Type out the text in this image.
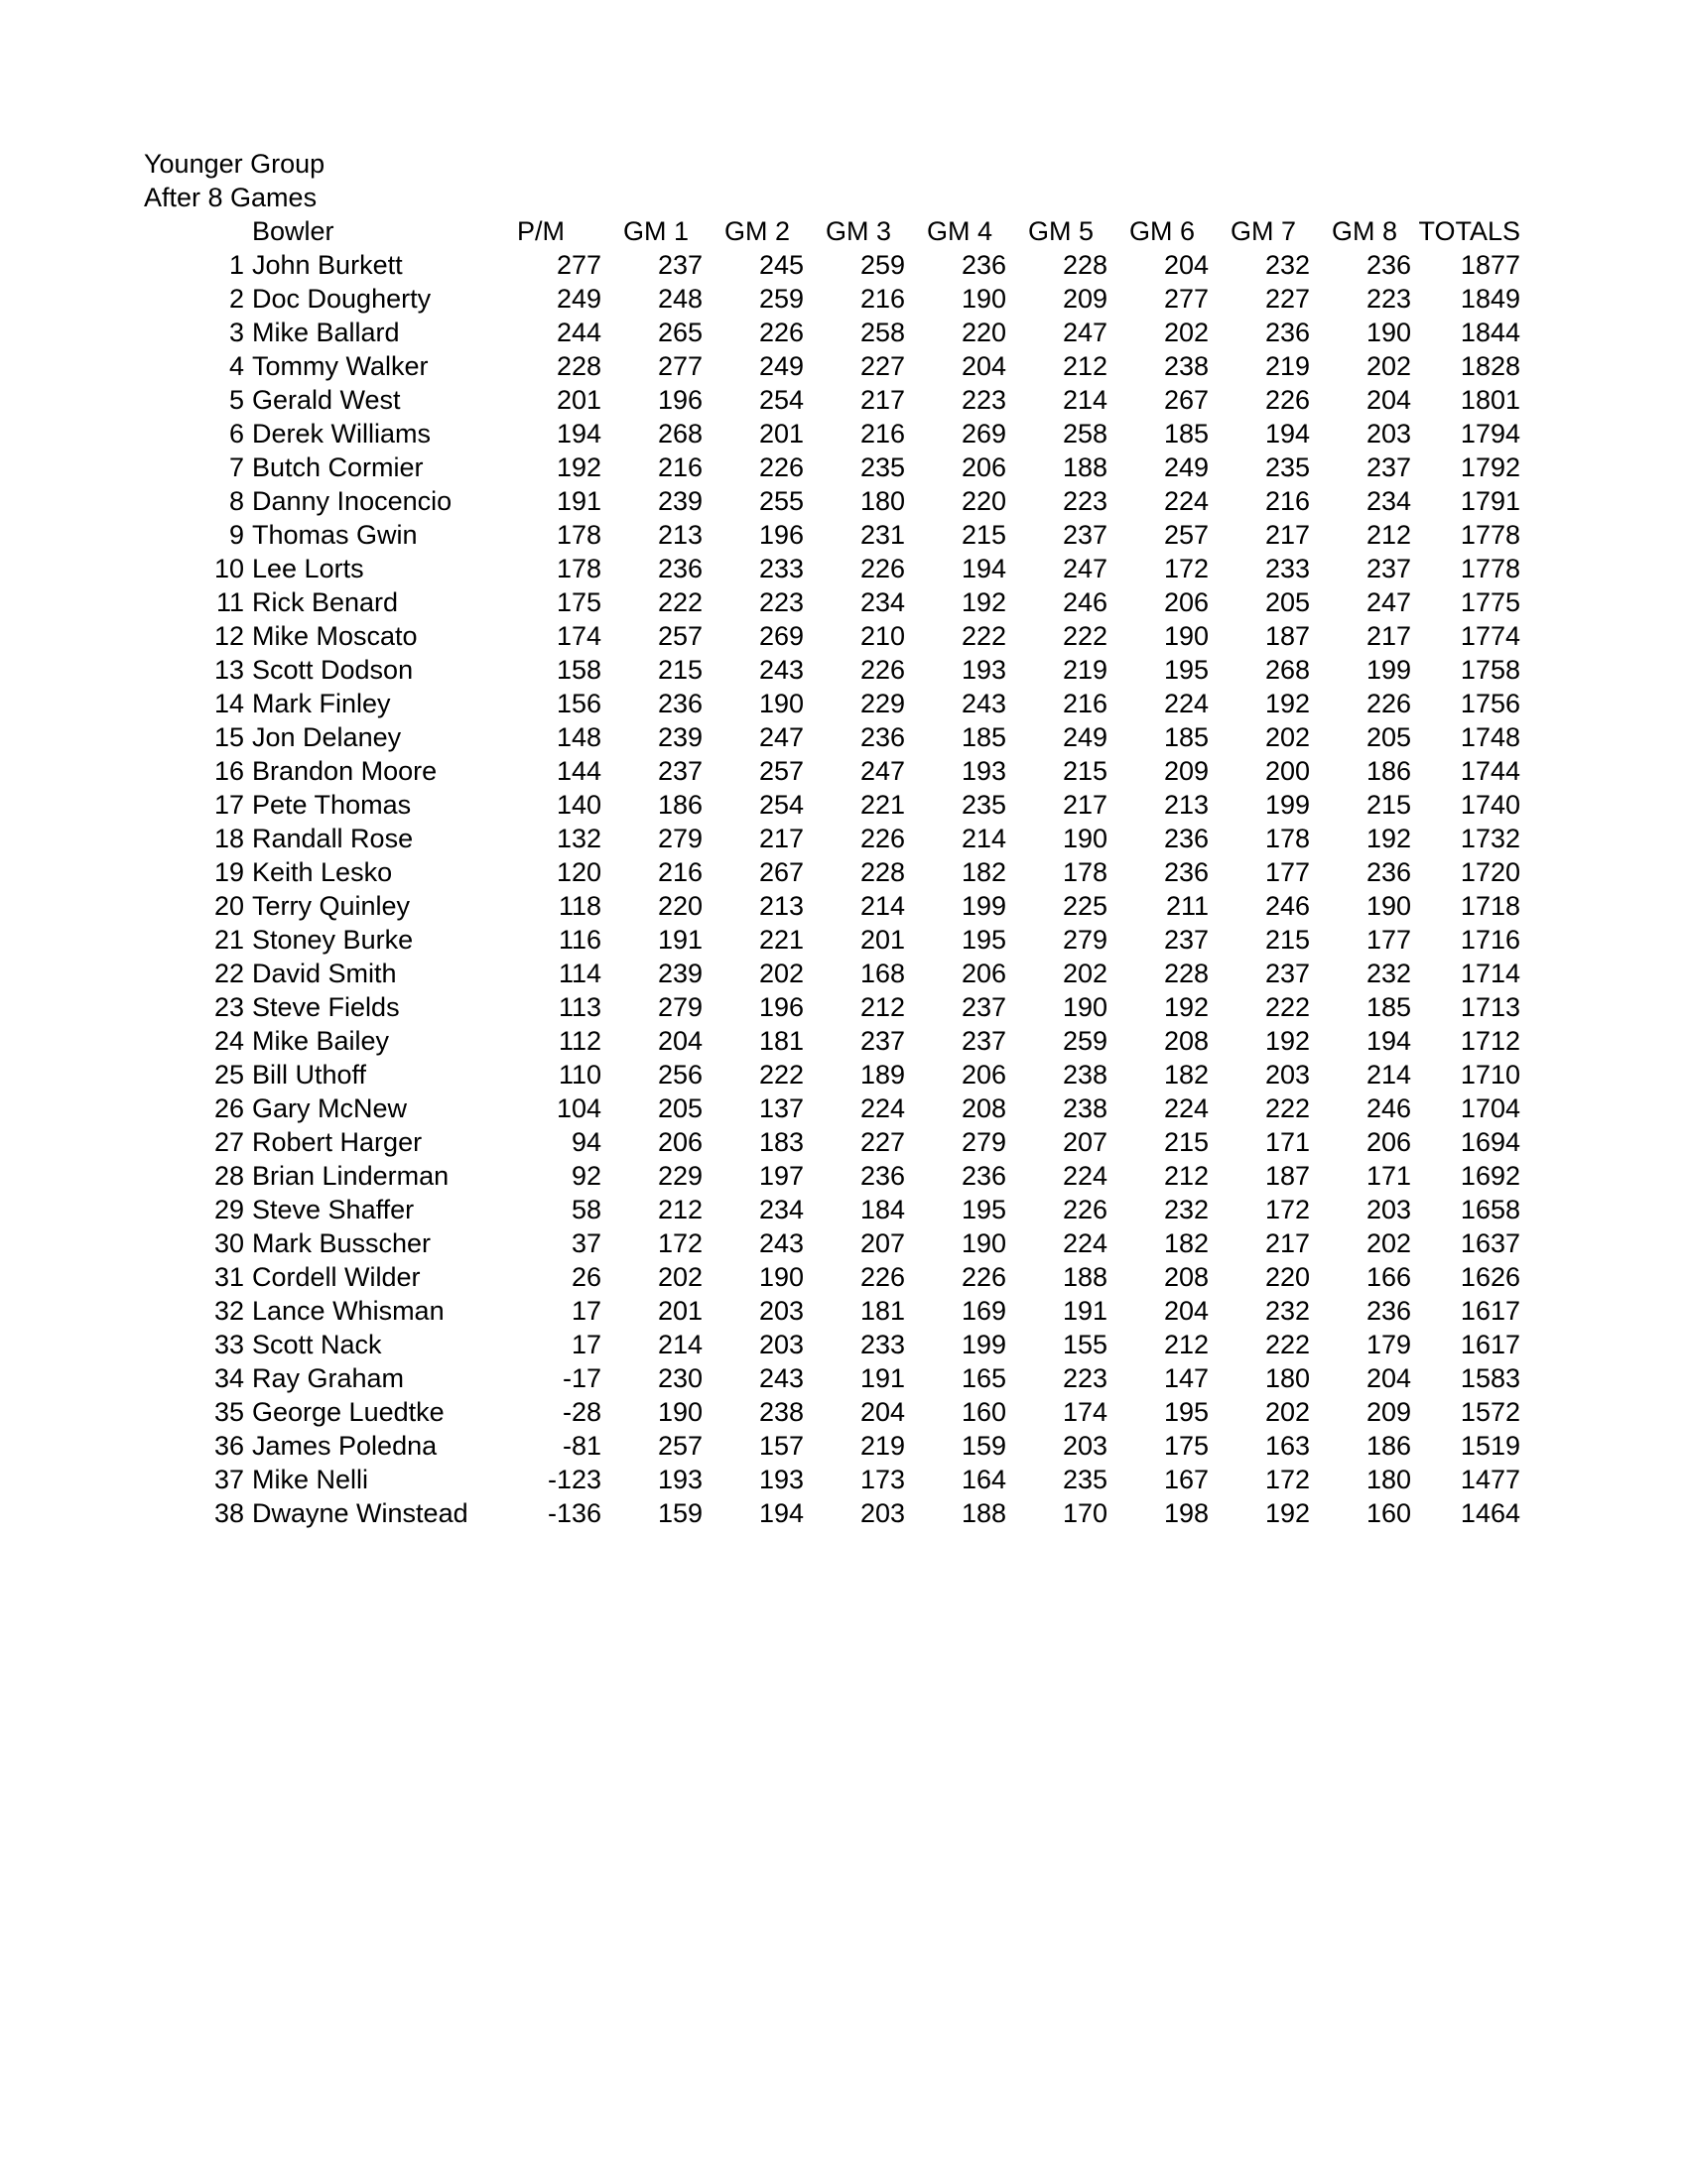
Younger Group
After 8 Games
	Bowler	P/M	GM 1	GM 2	GM 3	GM 4	GM 5	GM 6	GM 7	GM 8	TOTALS
1	John Burkett	277	237	245	259	236	228	204	232	236	1877
2	Doc Dougherty	249	248	259	216	190	209	277	227	223	1849
3	Mike Ballard	244	265	226	258	220	247	202	236	190	1844
4	Tommy Walker	228	277	249	227	204	212	238	219	202	1828
5	Gerald West	201	196	254	217	223	214	267	226	204	1801
6	Derek Williams	194	268	201	216	269	258	185	194	203	1794
7	Butch Cormier	192	216	226	235	206	188	249	235	237	1792
8	Danny Inocencio	191	239	255	180	220	223	224	216	234	1791
9	Thomas Gwin	178	213	196	231	215	237	257	217	212	1778
10	Lee Lorts	178	236	233	226	194	247	172	233	237	1778
11	Rick Benard	175	222	223	234	192	246	206	205	247	1775
12	Mike Moscato	174	257	269	210	222	222	190	187	217	1774
13	Scott Dodson	158	215	243	226	193	219	195	268	199	1758
14	Mark Finley	156	236	190	229	243	216	224	192	226	1756
15	Jon Delaney	148	239	247	236	185	249	185	202	205	1748
16	Brandon Moore	144	237	257	247	193	215	209	200	186	1744
17	Pete Thomas	140	186	254	221	235	217	213	199	215	1740
18	Randall Rose	132	279	217	226	214	190	236	178	192	1732
19	Keith Lesko	120	216	267	228	182	178	236	177	236	1720
20	Terry Quinley	118	220	213	214	199	225	211	246	190	1718
21	Stoney Burke	116	191	221	201	195	279	237	215	177	1716
22	David Smith	114	239	202	168	206	202	228	237	232	1714
23	Steve Fields	113	279	196	212	237	190	192	222	185	1713
24	Mike Bailey	112	204	181	237	237	259	208	192	194	1712
25	Bill Uthoff	110	256	222	189	206	238	182	203	214	1710
26	Gary McNew	104	205	137	224	208	238	224	222	246	1704
27	Robert Harger	94	206	183	227	279	207	215	171	206	1694
28	Brian Linderman	92	229	197	236	236	224	212	187	171	1692
29	Steve Shaffer	58	212	234	184	195	226	232	172	203	1658
30	Mark Busscher	37	172	243	207	190	224	182	217	202	1637
31	Cordell Wilder	26	202	190	226	226	188	208	220	166	1626
32	Lance Whisman	17	201	203	181	169	191	204	232	236	1617
33	Scott Nack	17	214	203	233	199	155	212	222	179	1617
34	Ray Graham	-17	230	243	191	165	223	147	180	204	1583
35	George Luedtke	-28	190	238	204	160	174	195	202	209	1572
36	James Poledna	-81	257	157	219	159	203	175	163	186	1519
37	Mike Nelli	-123	193	193	173	164	235	167	172	180	1477
38	Dwayne Winstead	-136	159	194	203	188	170	198	192	160	1464
